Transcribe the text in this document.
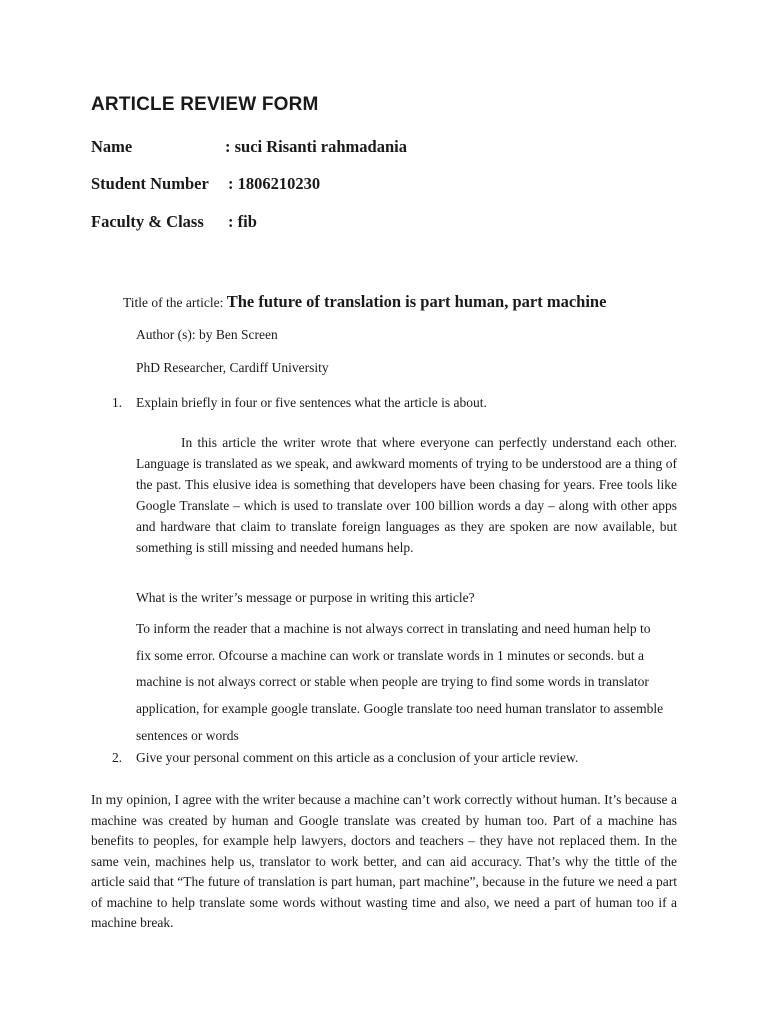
ARTICLE REVIEW FORM
Name	: suci Risanti rahmadania
Student Number : 1806210230
Faculty & Class : fib
Title of the article: The future of translation is part human, part machine
Author (s): by Ben Screen
PhD Researcher, Cardiff University
1. Explain briefly in four or five sentences what the article is about.
In this article the writer wrote that where everyone can perfectly understand each other. Language is translated as we speak, and awkward moments of trying to be understood are a thing of the past. This elusive idea is something that developers have been chasing for years. Free tools like Google Translate – which is used to translate over 100 billion words a day – along with other apps and hardware that claim to translate foreign languages as they are spoken are now available, but something is still missing and needed humans help.
What is the writer’s message or purpose in writing this article?
To inform the reader that a machine is not always correct in translating and need human help to fix some error. Ofcourse a machine can work or translate words in 1 minutes or seconds. but a machine is not always correct or stable when people are trying to find some words in translator application, for example google translate. Google translate too need human translator to assemble sentences or words
2. Give your personal comment on this article as a conclusion of your article review.
In my opinion, I agree with the writer because a machine can’t work correctly without human. It’s because a machine was created by human and Google translate was created by human too. Part of a machine has benefits to peoples, for example help lawyers, doctors and teachers – they have not replaced them. In the same vein, machines help us, translator to work better, and can aid accuracy. That’s why the tittle of the article said that “The future of translation is part human, part machine”, because in the future we need a part of machine to help translate some words without wasting time and also, we need a part of human too if a machine break.
